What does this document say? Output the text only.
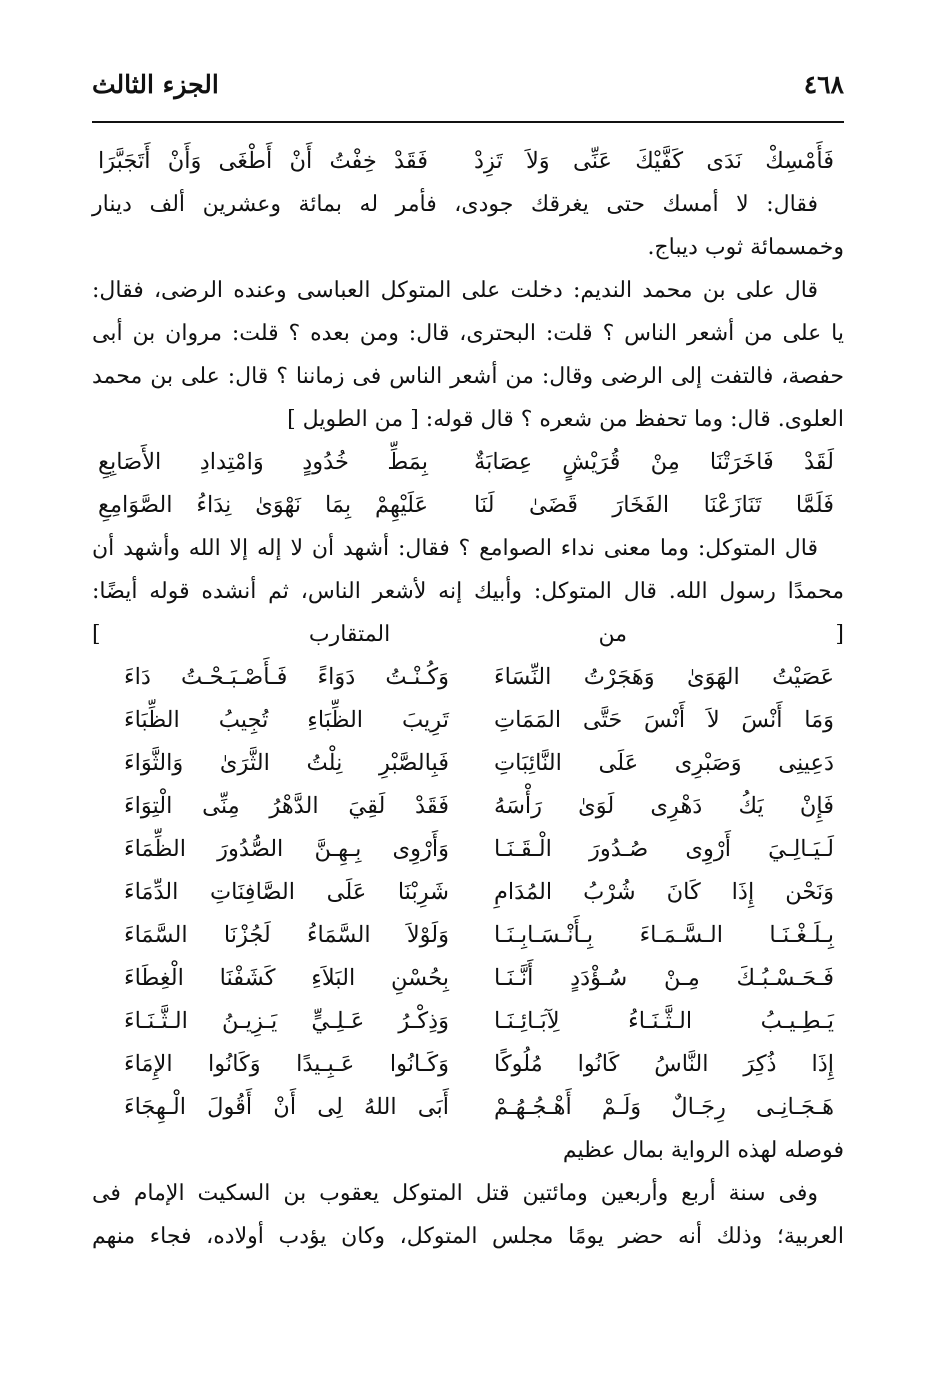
٤٦٨
الجزء الثالث
فَأَمْسِكْ نَدَى كَفَّيْكَ عَنِّى وَلاَ تَزِدْ
فَقَدْ خِفْتُ أَنْ أَطْغَى وَأَنْ أَتَجَبَّرَا
فقال: لا أمسك حتى يغرقك جودى، فأمر له بمائة وعشرين ألف دينار
وخمسمائة ثوب ديباج.
قال على بن محمد النديم: دخلت على المتوكل العباسى وعنده الرضى، فقال:
يا على من أشعر الناس ؟ قلت: البحترى، قال: ومن بعده ؟ قلت: مروان بن أبى
حفصة، فالتفت إلى الرضى وقال: من أشعر الناس فى زماننا ؟ قال: على بن محمد
العلوى. قال: وما تحفظ من شعره ؟ قال قوله: [ من الطويل ]
لَقَدْ فَاخَرَتْنَا مِنْ قُرَيْشٍ عِصَابَةٌ
بِمَطِّ خُدُودٍ وَامْتِدادِ الأَصَابِعِ
فَلَمَّا تَنَازَعْنَا الفَخَارَ قَضَىٰ لَنَا
عَلَيْهِمْ بِمَا نَهْوَىٰ نِدَاءُ الصَّوَامِعِ
قال المتوكل: وما معنى نداء الصوامع ؟ فقال: أشهد أن لا إله إلا الله وأشهد أن
محمدًا رسول الله. قال المتوكل: وأبيك إنه لأشعر الناس، ثم أنشده قوله أيضًا:
[ من المتقارب ]
عَصَيْتُ الهَوَىٰ وَهَجَرْتُ النِّسَاءَ
وَكُـنْـتُ دَوَاءً فَـأَصْـبَـحْـتُ دَاءَ
وَمَا أَنْسَ لاَ أَنْسَ حَتَّى المَمَاتِ
تَرِيبَ الظِّبَاءِ تُجِيبُ الظِّبَاءَ
دَعِينِى وَصَبْرِى عَلَى النَّائِبَاتِ
فَبِالصَّبْرِ نِلْتُ الثَّرَىٰ وَالثَّوَاءَ
فَإِنْ يَكُ دَهْرِى لَوَىٰ رَأْسَهُ
فَقَدْ لَقِيَ الدَّهْرُ مِنِّى الْتِوَاءَ
لَـيَـالِـيَ أَرْوِى صُـدُورَ الْـقَـنَـا
وَأَرْوِى بِـهِـنَّ الصُّدُورَ الظِّمَاءَ
وَنَحْن إِذَا كَانَ شُرْبُ المُدَامِ
شَرِبْنَا عَلَى الصَّافِنَاتِ الدِّمَاءَ
بِـلَـغْـنَـا الـسَّـمَـاءَ بِـأَنْـسَـابِـنَـا
وَلَوْلاَ السَّمَاءُ لَجُزْنَا السَّمَاءَ
فَـحَـسْـبُـكَ مِـنْ سُـؤْدَدٍ أَنَّـنَـا
بِحُسْنِ البَلاَءِ كَشَفْنَا الْغِطَاءَ
يَـطِـيـبُ الـثَّـنَـاءُ لِآبَـائِـنَـا
وَذِكْـرُ عَـلِـيٍّ يَـزِيـنُ الـثَّـنَـاءَ
إِذَا ذُكِرَ النَّاسُ كَانُوا مُلُوكًا
وَكَـانُوا عَـبِـيدًا وَكَانُوا الإِمَاءَ
هَـجَـانِـى رِجَـالٌ وَلَـمْ أَهْـجُـهُـمْ
أَبَى اللهُ لِى أَنْ أَقُولَ الْـهِجَاءَ
فوصله لهذه الرواية بمال عظيم
وفى سنة أربع وأربعين ومائتين قتل المتوكل يعقوب بن السكيت الإمام فى
العربية؛ وذلك أنه حضر يومًا مجلس المتوكل، وكان يؤدب أولاده، فجاء منهم
